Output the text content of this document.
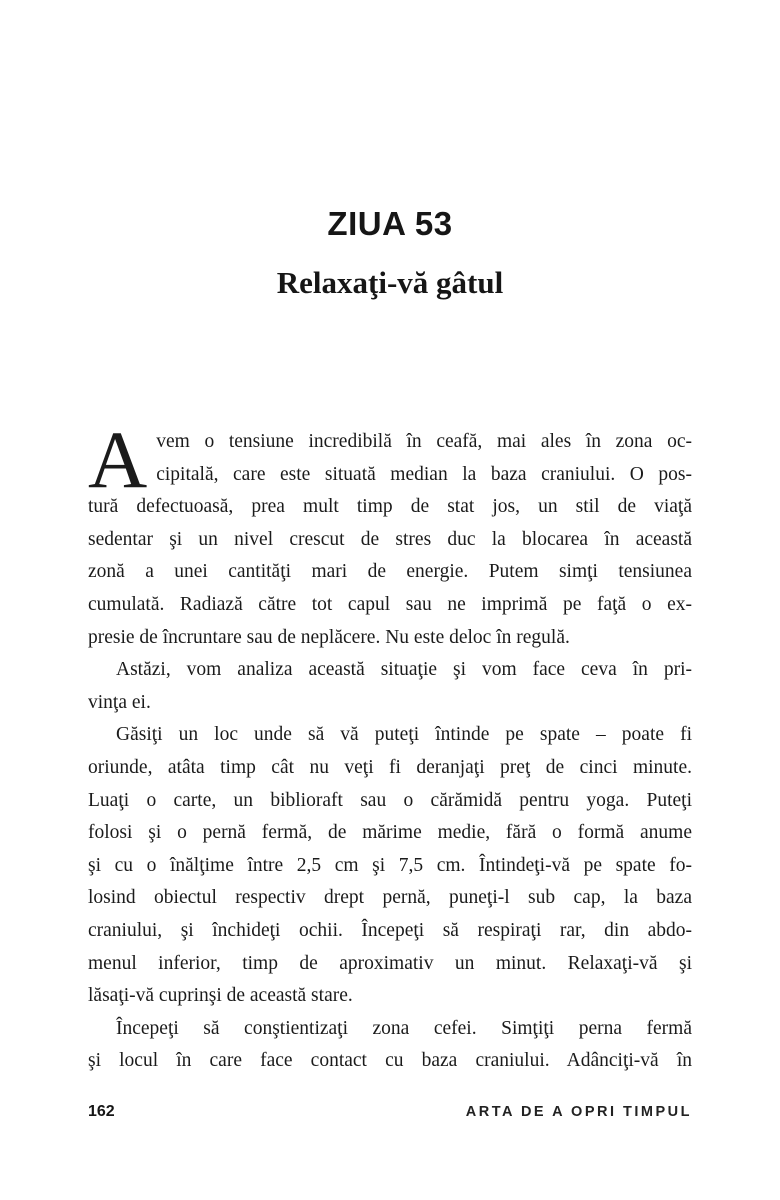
ZIUA 53
Relaxaţi-vă gâtul
A vem o tensiune incredibilă în ceafă, mai ales în zona oc-
cipitală, care este situată median la baza craniului. O pos-
tură defectuoasă, prea mult timp de stat jos, un stil de viaţă
sedentar şi un nivel crescut de stres duc la blocarea în această
zonă a unei cantităţi mari de energie. Putem simţi tensiunea
cumulată. Radiază către tot capul sau ne imprimă pe faţă o ex-
presie de încruntare sau de neplăcere. Nu este deloc în regulă.
Astăzi, vom analiza această situaţie şi vom face ceva în pri-
vinţa ei.
Găsiţi un loc unde să vă puteţi întinde pe spate – poate fi
oriunde, atâta timp cât nu veţi fi deranjaţi preţ de cinci minute.
Luaţi o carte, un biblioraft sau o cărămidă pentru yoga. Puteţi
folosi şi o pernă fermă, de mărime medie, fără o formă anume
şi cu o înălţime între 2,5 cm şi 7,5 cm. Întindeţi-vă pe spate fo-
losind obiectul respectiv drept pernă, puneţi-l sub cap, la baza
craniului, şi închideţi ochii. Începeţi să respiraţi rar, din abdo-
menul inferior, timp de aproximativ un minut. Relaxaţi-vă şi
lăsaţi-vă cuprinşi de această stare.
Începeţi să conştientizaţi zona cefei. Simţiţi perna fermă
şi locul în care face contact cu baza craniului. Adânciţi-vă în
162	ARTA DE A OPRI TIMPUL
